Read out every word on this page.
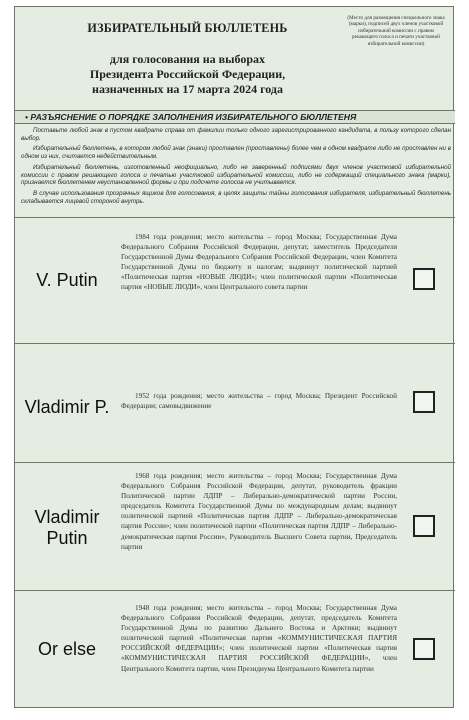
ИЗБИРАТЕЛЬНЫЙ БЮЛЛЕТЕНЬ
для голосования на выборах
Президента Российской Федерации,
назначенных на 17 марта 2024 года
(Место для размещения специального знака (марки), подписей двух членов участковой избирательной комиссии с правом решающего голоса и печати участковой избирательной комиссии)
• РАЗЪЯСНЕНИЕ О ПОРЯДКЕ ЗАПОЛНЕНИЯ ИЗБИРАТЕЛЬНОГО БЮЛЛЕТЕНЯ

Поставьте любой знак в пустом квадрате справа от фамилии только одного зарегистрированного кандидата, в пользу которого сделан выбор.

Избирательный бюллетень, в котором любой знак (знаки) проставлен (проставлены) более чем в одном квадрате либо не проставлен ни в одном из них, считается недействительным.

Избирательный бюллетень, изготовленный неофициально, либо не заверенный подписями двух членов участковой избирательной комиссии с правом решающего голоса и печатью участковой избирательной комиссии, либо не содержащий специального знака (марки), признается бюллетенем неустановленной формы и при подсчете голосов не учитывается.

В случае использования прозрачных ящиков для голосования, в целях защиты тайны голосования избирателя, избирательный бюллетень складывается лицевой стороной внутрь.

V. Putin
1984 года рождения; место жительства – город Москва; Государственная Дума Федерального Собрания Российской Федерации, депутат, заместитель Председателя Государственной Думы Федерального Собрания Российской Федерации, член Комитета Государственной Думы по бюджету и налогам; выдвинут политической партией «Политическая партия «НОВЫЕ ЛЮДИ»; член политической партии «Политическая партия «НОВЫЕ ЛЮДИ», член Центрального совета партии
Vladimir P.
1952 года рождения; место жительства – город Москва; Президент Российской Федерации; самовыдвижение
Vladimir Putin
1968 года рождения; место жительства – город Москва; Государственная Дума Федерального Собрания Российской Федерации, депутат, руководитель фракции Политической партии ЛДПР – Либерально-демократической партии России, председатель Комитета Государственной Думы по международным делам; выдвинут политической партией «Политическая партия ЛДПР – Либерально-демократическая партия России»; член политической партии «Политическая партия ЛДПР – Либерально-демократическая партия России», Руководитель Высшего Совета партии, Председатель партии
Or else
1948 года рождения; место жительства – город Москва; Государственная Дума Федерального Собрания Российской Федерации, депутат, председатель Комитета Государственной Думы по развитию Дальнего Востока и Арктики; выдвинут политической партией «Политическая партия «КОММУНИСТИЧЕСКАЯ ПАРТИЯ РОССИЙСКОЙ ФЕДЕРАЦИИ»; член политической партии «Политическая партия «КОММУНИСТИЧЕСКАЯ ПАРТИЯ РОССИЙСКОЙ ФЕДЕРАЦИИ», член Центрального Комитета партии, член Президиума Центрального Комитета партии
